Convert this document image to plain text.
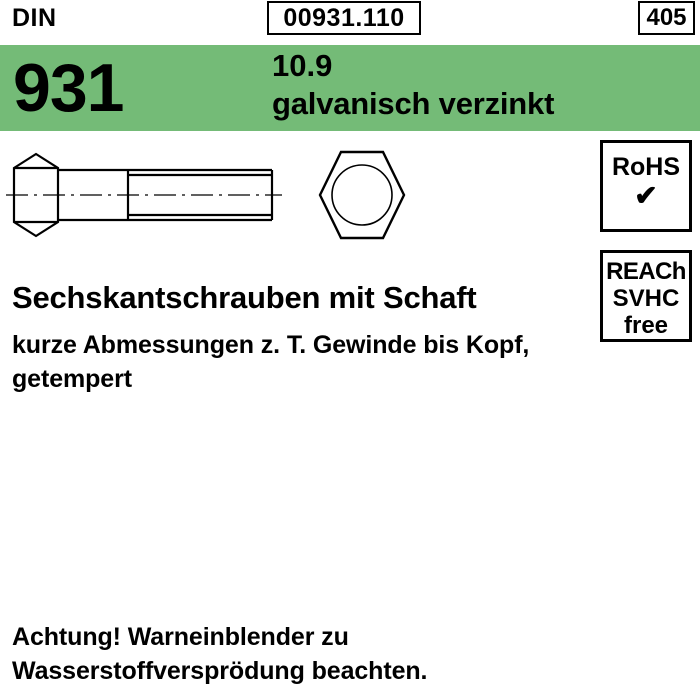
DIN	00931.110	405
931	10.9
galvanisch verzinkt
RoHS
✔
REACh
SVHC
free
Sechskantschrauben mit Schaft
kurze Abmessungen z. T. Gewinde bis Kopf,
getempert
Achtung! Warneinblender zu
Wasserstoffversprödung beachten.
